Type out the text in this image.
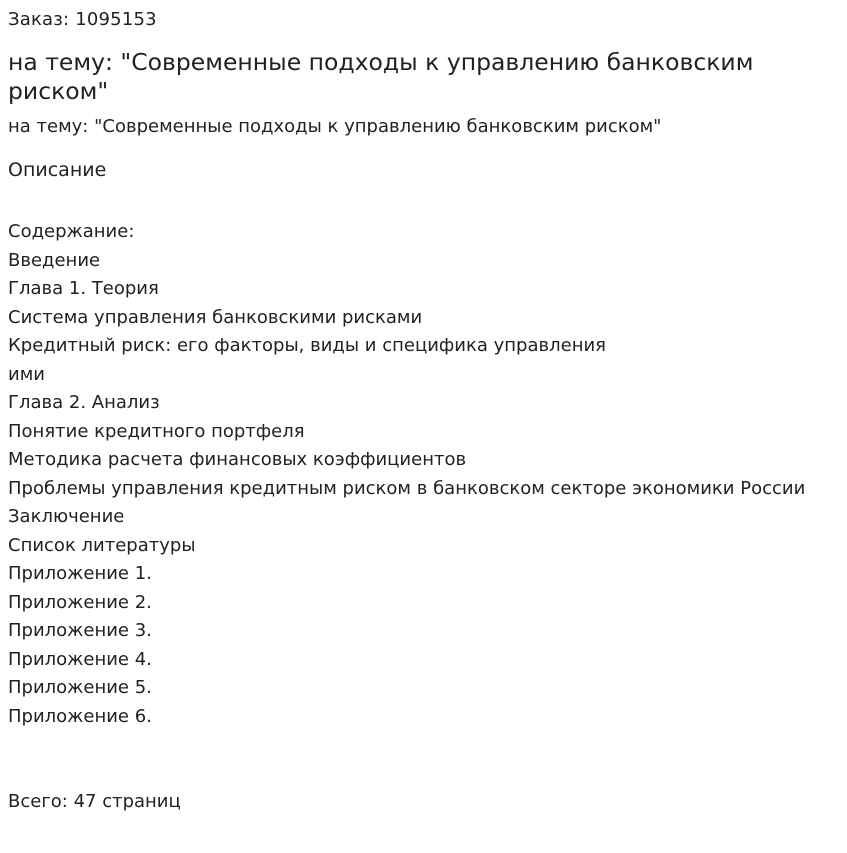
Заказ: 1095153
на тему: "Современные подходы к управлению банковским риском"
на тему: "Современные подходы к управлению банковским риском"
Описание
Содержание:
Введение
Глава 1. Теория
Система управления банковскими рисками
Кредитный риск: его факторы, виды и специфика управления ими
Глава 2. Анализ
Понятие кредитного портфеля
Методика расчета финансовых коэффициентов
Проблемы управления кредитным риском в банковском секторе экономики России
Заключение
Список литературы
Приложение 1.
Приложение 2.
Приложение 3.
Приложение 4.
Приложение 5.
Приложение 6.
Всего: 47 страниц
